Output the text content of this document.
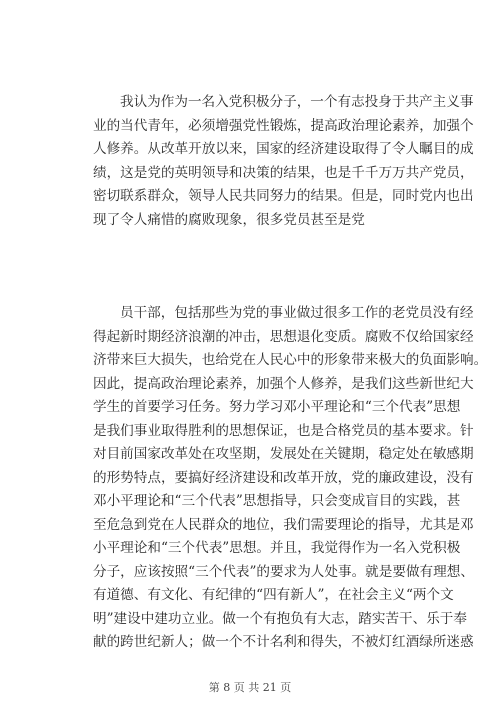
我认为作为一名入党积极分子，一个有志投身于共产主义事
业的当代青年，必须增强党性锻炼，提高政治理论素养，加强个
人修养。从改革开放以来，国家的经济建设取得了令人瞩目的成
绩，这是党的英明领导和决策的结果，也是千千万万共产党员，
密切联系群众，领导人民共同努力的结果。但是，同时党内也出
现了令人痛惜的腐败现象，很多党员甚至是党
员干部，包括那些为党的事业做过很多工作的老党员没有经
得起新时期经济浪潮的冲击，思想退化变质。腐败不仅给国家经
济带来巨大损失，也给党在人民心中的形象带来极大的负面影响。
因此，提高政治理论素养，加强个人修养，是我们这些新世纪大
学生的首要学习任务。努力学习邓小平理论和“三个代表”思想
是我们事业取得胜利的思想保证，也是合格党员的基本要求。针
对目前国家改革处在攻坚期，发展处在关键期，稳定处在敏感期
的形势特点，要搞好经济建设和改革开放，党的廉政建设，没有
邓小平理论和“三个代表”思想指导，只会变成盲目的实践，甚
至危急到党在人民群众的地位，我们需要理论的指导，尤其是邓
小平理论和“三个代表”思想。并且，我觉得作为一名入党积极
分子，应该按照“三个代表”的要求为人处事。就是要做有理想、
有道德、有文化、有纪律的“四有新人”，在社会主义“两个文
明”建设中建功立业。做一个有抱负有大志，踏实苦干、乐于奉
献的跨世纪新人；做一个不计名利和得失，不被灯红酒绿所迷惑
第 8 页 共 21 页
